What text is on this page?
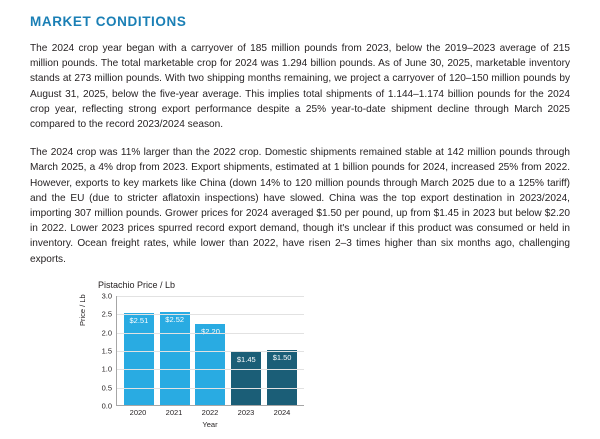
MARKET CONDITIONS

The 2024 crop year began with a carryover of 185 million pounds from 2023, below the 2019–2023 average of 215 million pounds. The total marketable crop for 2024 was 1.294 billion pounds. As of June 30, 2025, marketable inventory stands at 273 million pounds. With two shipping months remaining, we project a carryover of 120–150 million pounds by August 31, 2025, below the five-year average. This implies total shipments of 1.144–1.174 billion pounds for the 2024 crop year, reflecting strong export performance despite a 25% year-to-date shipment decline through March 2025 compared to the record 2023/2024 season.

The 2024 crop was 11% larger than the 2022 crop. Domestic shipments remained stable at 142 million pounds through March 2025, a 4% drop from 2023. Export shipments, estimated at 1 billion pounds for 2024, increased 25% from 2022. However, exports to key markets like China (down 14% to 120 million pounds through March 2025 due to a 125% tariff) and the EU (due to stricter aflatoxin inspections) have slowed. China was the top export destination in 2023/2024, importing 307 million pounds. Grower prices for 2024 averaged $1.50 per pound, up from $1.45 in 2023 but below $2.20 in 2022. Lower 2023 prices spurred record export demand, though it's unclear if this product was consumed or held in inventory. Ocean freight rates, while lower than 2022, have risen 2–3 times higher than six months ago, challenging exports.

Pistachio Price / Lb
Price / Lb 3.0
2.5
2.0
1.5
1.0
0.5
0.0
$2.51	$2.52
$1.45	$1.50
2020	2021	2022	2023	2024
Year
